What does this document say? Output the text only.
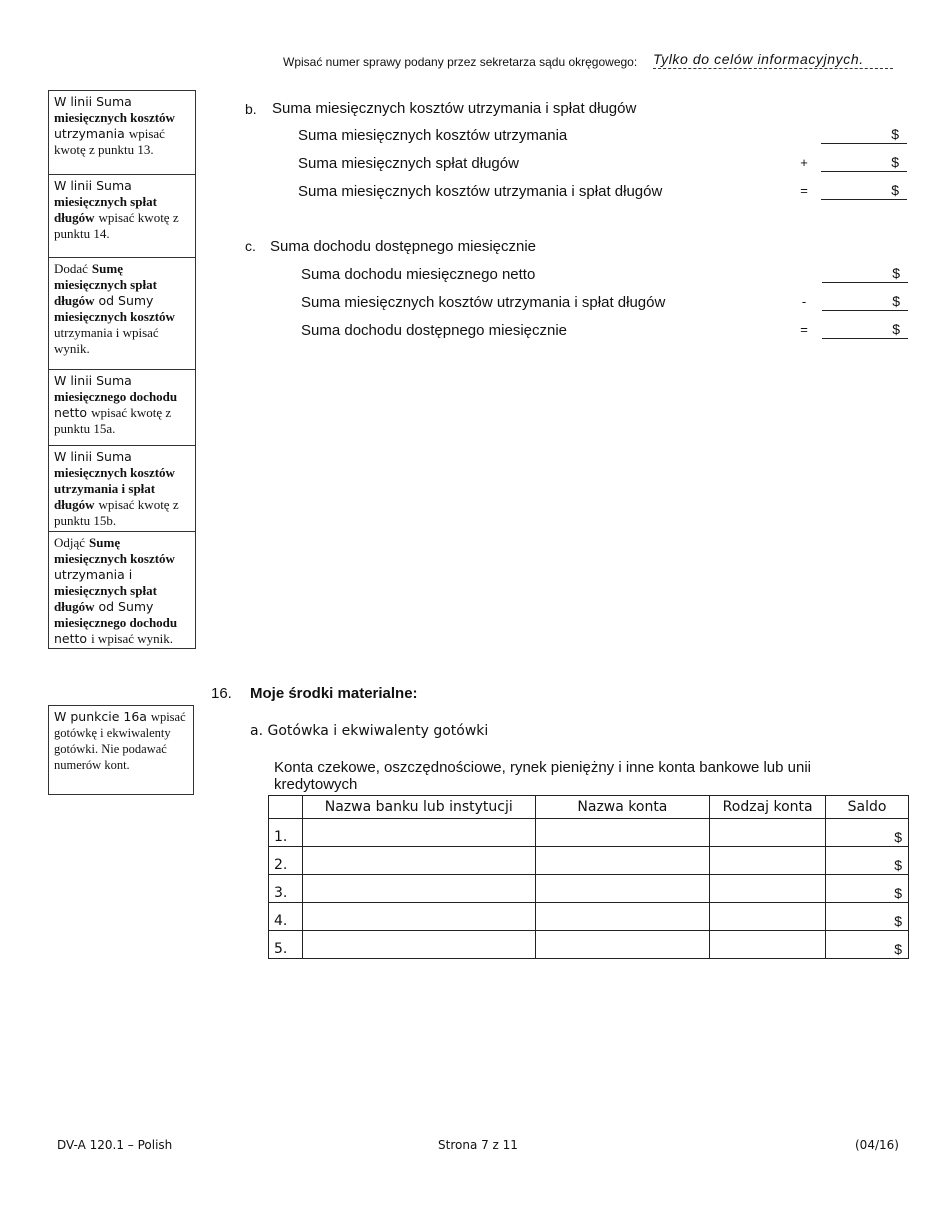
Wpisać numer sprawy podany przez sekretarza sądu okręgowego: Tylko do celów informacyjnych.
W linii Suma miesięcznych kosztów utrzymania wpisać kwotę z punktu 13.
W linii Suma miesięcznych spłat długów wpisać kwotę z punktu 14.
Dodać Sumę miesięcznych spłat długów od Sumy miesięcznych kosztów utrzymania i wpisać wynik.
W linii Suma miesięcznego dochodu netto wpisać kwotę z punktu 15a.
W linii Suma miesięcznych kosztów utrzymania i spłat długów wpisać kwotę z punktu 15b.
Odjąć Sumę miesięcznych kosztów utrzymania i miesięcznych spłat długów od Sumy miesięcznego dochodu netto i wpisać wynik.
W punkcie 16a wpisać gotówkę i ekwiwalenty gotówki. Nie podawać numerów kont.
b. Suma miesięcznych kosztów utrzymania i spłat długów
Suma miesięcznych kosztów utrzymania	$
Suma miesięcznych spłat długów	+	$
Suma miesięcznych kosztów utrzymania i spłat długów	=	$
c. Suma dochodu dostępnego miesięcznie
Suma dochodu miesięcznego netto	$
Suma miesięcznych kosztów utrzymania i spłat długów	-	$
Suma dochodu dostępnego miesięcznie	=	$
16. Moje środki materialne:
a. Gotówka i ekwiwalenty gotówki
Konta czekowe, oszczędnościowe, rynek pieniężny i inne konta bankowe lub unii kredytowych
	Nazwa banku lub instytucji	Nazwa konta	Rodzaj konta	Saldo
1.				$
2.				$
3.				$
4.				$
5.				$
DV-A 120.1 – Polish	Strona 7 z 11	(04/16)
